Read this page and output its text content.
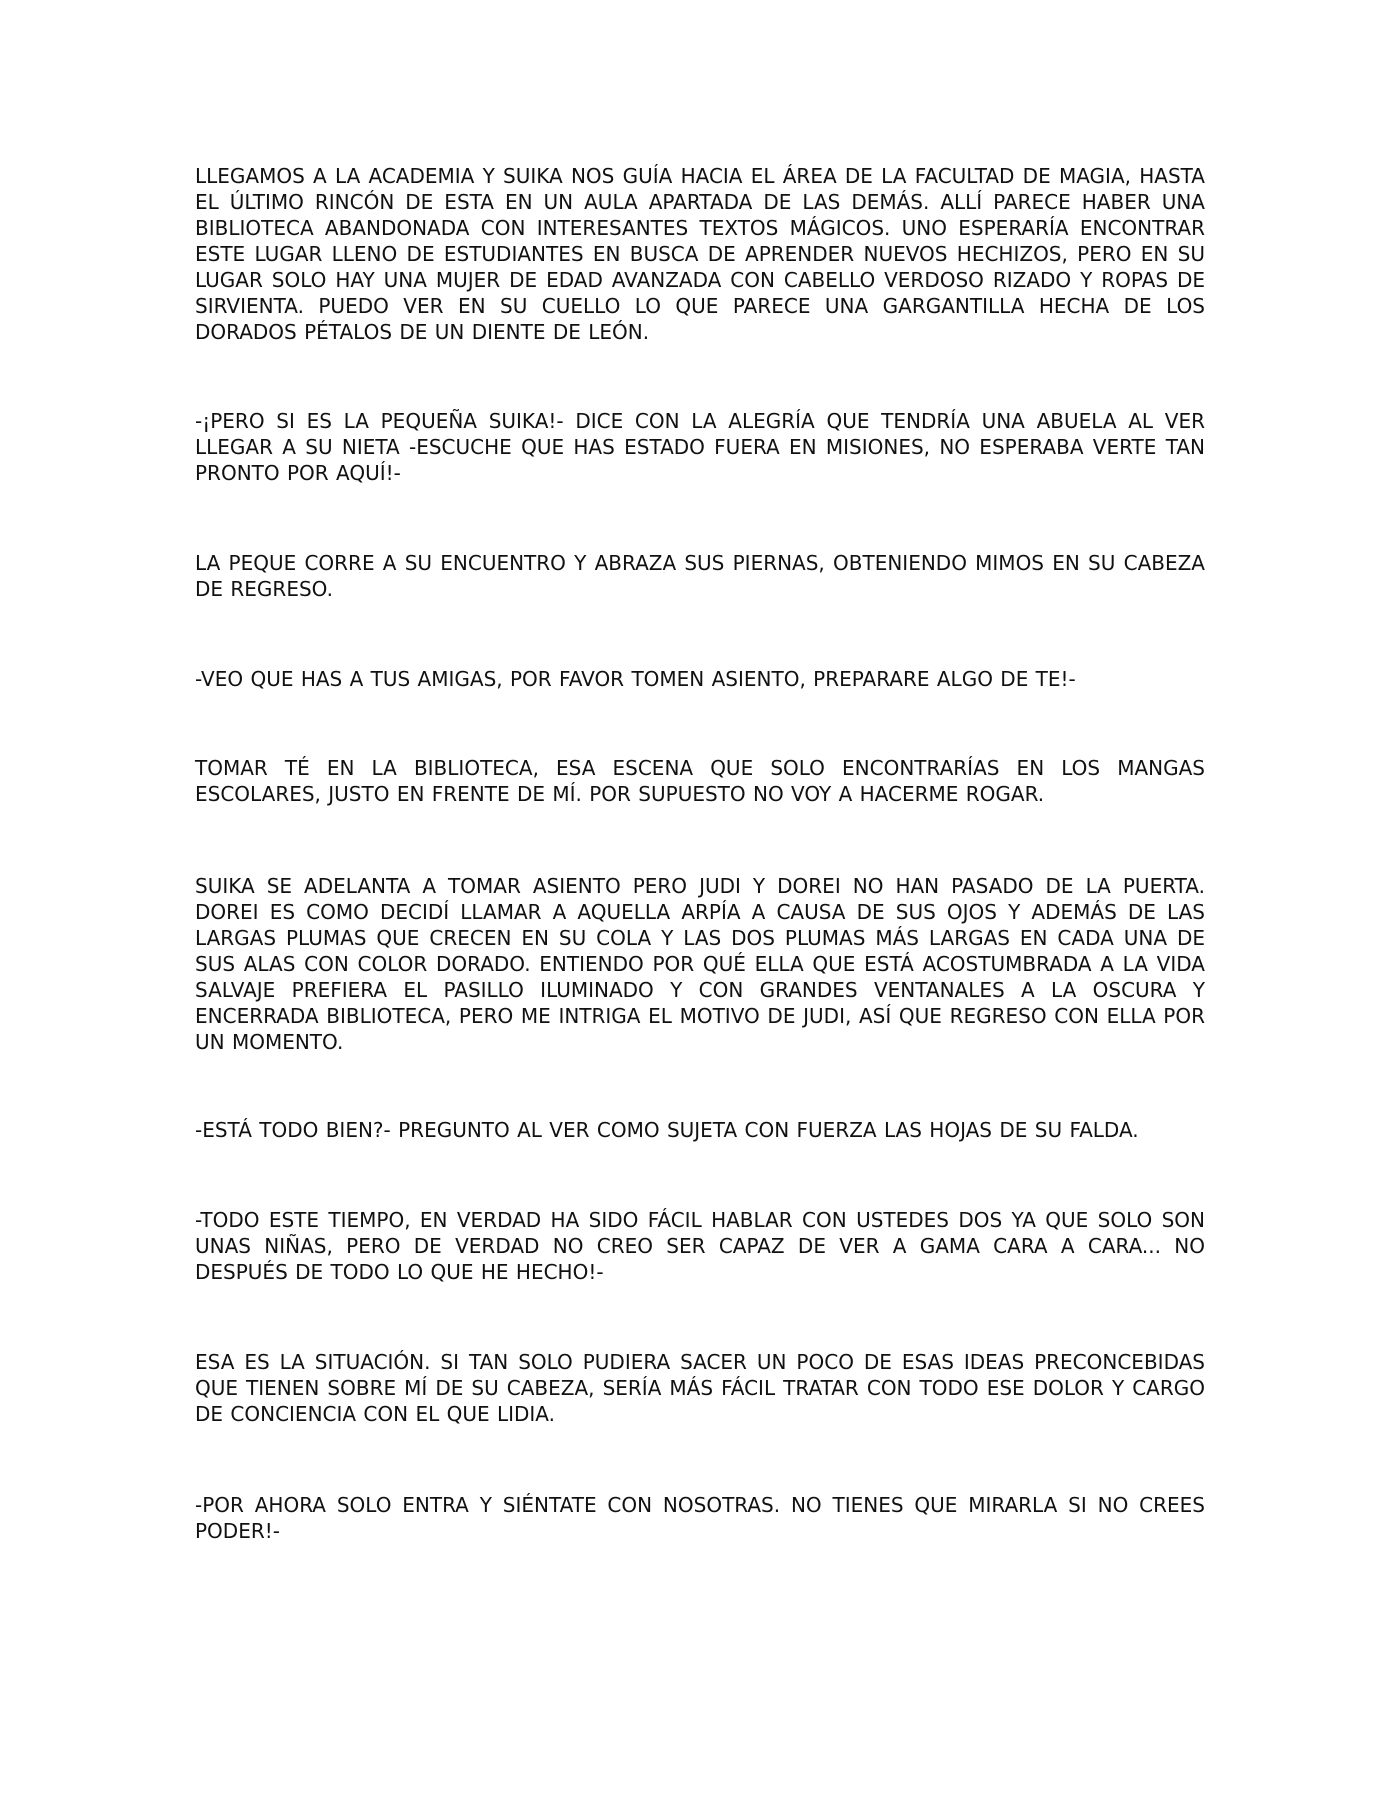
LLEGAMOS A LA ACADEMIA Y SUIKA NOS GUÍA HACIA EL ÁREA DE LA FACULTAD DE MAGIA, HASTA EL ÚLTIMO RINCÓN DE ESTA EN UN AULA APARTADA DE LAS DEMÁS. ALLÍ PARECE HABER UNA BIBLIOTECA ABANDONADA CON INTERESANTES TEXTOS MÁGICOS. UNO ESPERARÍA ENCONTRAR ESTE LUGAR LLENO DE ESTUDIANTES EN BUSCA DE APRENDER NUEVOS HECHIZOS, PERO EN SU LUGAR SOLO HAY UNA MUJER DE EDAD AVANZADA CON CABELLO VERDOSO RIZADO Y ROPAS DE SIRVIENTA. PUEDO VER EN SU CUELLO LO QUE PARECE UNA GARGANTILLA HECHA DE LOS DORADOS PÉTALOS DE UN DIENTE DE LEÓN.

-¡PERO SI ES LA PEQUEÑA SUIKA!- DICE CON LA ALEGRÍA QUE TENDRÍA UNA ABUELA AL VER LLEGAR A SU NIETA -ESCUCHE QUE HAS ESTADO FUERA EN MISIONES, NO ESPERABA VERTE TAN PRONTO POR AQUÍ!-

LA PEQUE CORRE A SU ENCUENTRO Y ABRAZA SUS PIERNAS, OBTENIENDO MIMOS EN SU CABEZA DE REGRESO.

-VEO QUE HAS A TUS AMIGAS, POR FAVOR TOMEN ASIENTO, PREPARARE ALGO DE TE!-

TOMAR TÉ EN LA BIBLIOTECA, ESA ESCENA QUE SOLO ENCONTRARÍAS EN LOS MANGAS ESCOLARES, JUSTO EN FRENTE DE MÍ. POR SUPUESTO NO VOY A HACERME ROGAR.

SUIKA SE ADELANTA A TOMAR ASIENTO PERO JUDI Y DOREI NO HAN PASADO DE LA PUERTA. DOREI ES COMO DECIDÍ LLAMAR A AQUELLA ARPÍA A CAUSA DE SUS OJOS Y ADEMÁS DE LAS LARGAS PLUMAS QUE CRECEN EN SU COLA Y LAS DOS PLUMAS MÁS LARGAS EN CADA UNA DE SUS ALAS CON COLOR DORADO. ENTIENDO POR QUÉ ELLA QUE ESTÁ ACOSTUMBRADA A LA VIDA SALVAJE PREFIERA EL PASILLO ILUMINADO Y CON GRANDES VENTANALES A LA OSCURA Y ENCERRADA BIBLIOTECA, PERO ME INTRIGA EL MOTIVO DE JUDI, ASÍ QUE REGRESO CON ELLA POR UN MOMENTO.

-ESTÁ TODO BIEN?- PREGUNTO AL VER COMO SUJETA CON FUERZA LAS HOJAS DE SU FALDA.

-TODO ESTE TIEMPO, EN VERDAD HA SIDO FÁCIL HABLAR CON USTEDES DOS YA QUE SOLO SON UNAS NIÑAS, PERO DE VERDAD NO CREO SER CAPAZ DE VER A GAMA CARA A CARA... NO DESPUÉS DE TODO LO QUE HE HECHO!-

ESA ES LA SITUACIÓN. SI TAN SOLO PUDIERA SACER UN POCO DE ESAS IDEAS PRECONCEBIDAS QUE TIENEN SOBRE MÍ DE SU CABEZA, SERÍA MÁS FÁCIL TRATAR CON TODO ESE DOLOR Y CARGO DE CONCIENCIA CON EL QUE LIDIA.

-POR AHORA SOLO ENTRA Y SIÉNTATE CON NOSOTRAS. NO TIENES QUE MIRARLA SI NO CREES PODER!-
